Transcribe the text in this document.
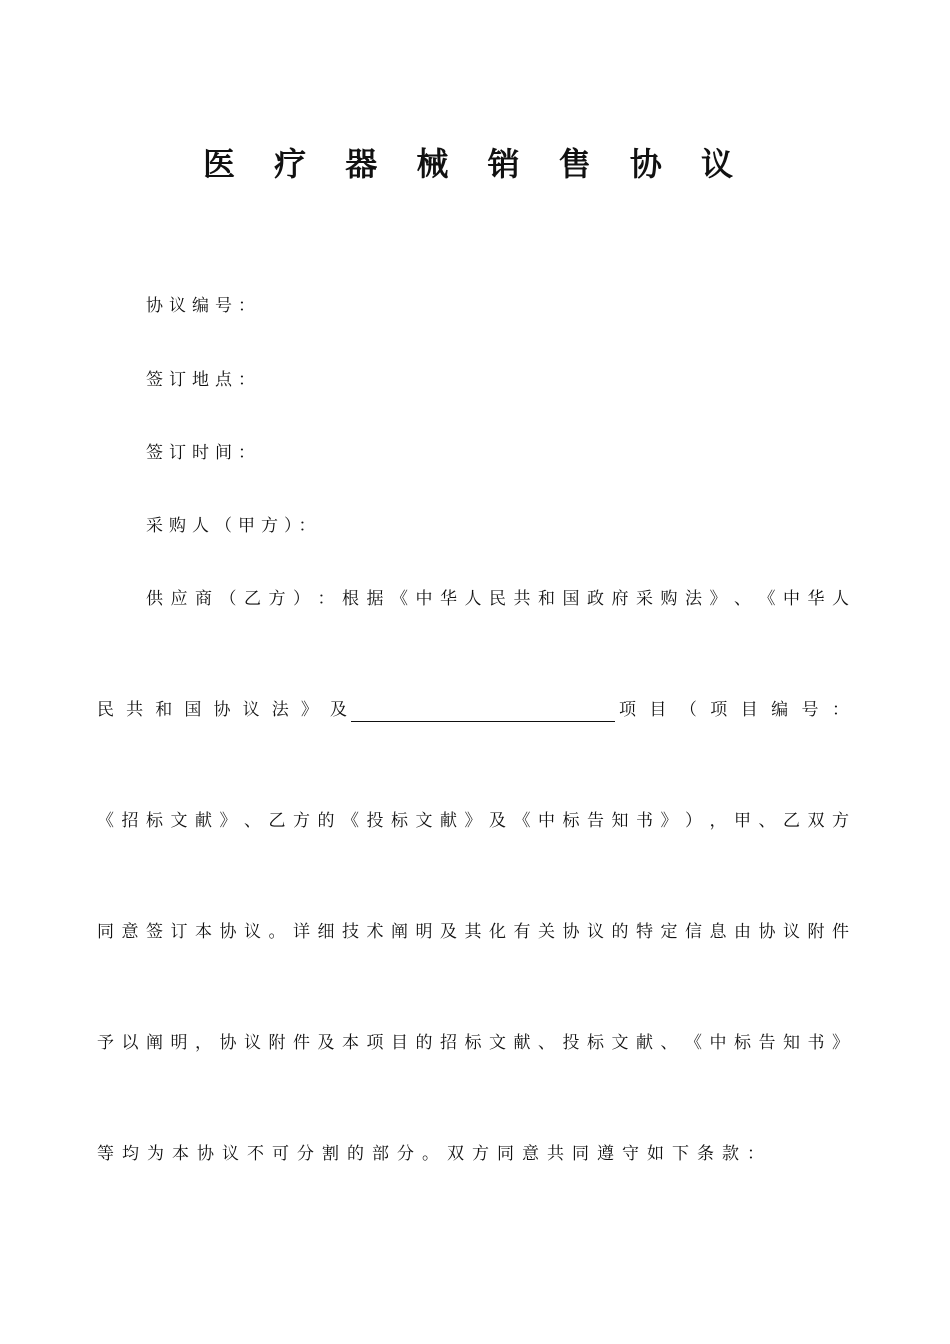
医 疗 器 械 销 售 协 议
协议编号：
签订地点：
签订时间：
采购人（甲方）：
供 应 商 （ 乙 方 ） ： 根 据 《 中 华 人 民 共 和 国 政 府 采 购 法 》 、 《 中 华 人
民 共 和 国 协 议 法 》 及	项 目 （ 项 目 编 号 ：
《 招 标 文 献 》 、 乙 方 的 《 投 标 文 献 》 及 《 中 标 告 知 书 》 ） ， 甲 、 乙 双 方
同 意 签 订 本 协 议 。 详 细 技 术 阐 明 及 其 化 有 关 协 议 的 特 定 信 息 由 协 议 附 件
予 以 阐 明 ， 协 议 附 件 及 本 项 目 的 招 标 文 献 、 投 标 文 献 、 《 中 标 告 知 书 》
等均为本协议不可分割的部分。双方同意共同遵守如下条款：
